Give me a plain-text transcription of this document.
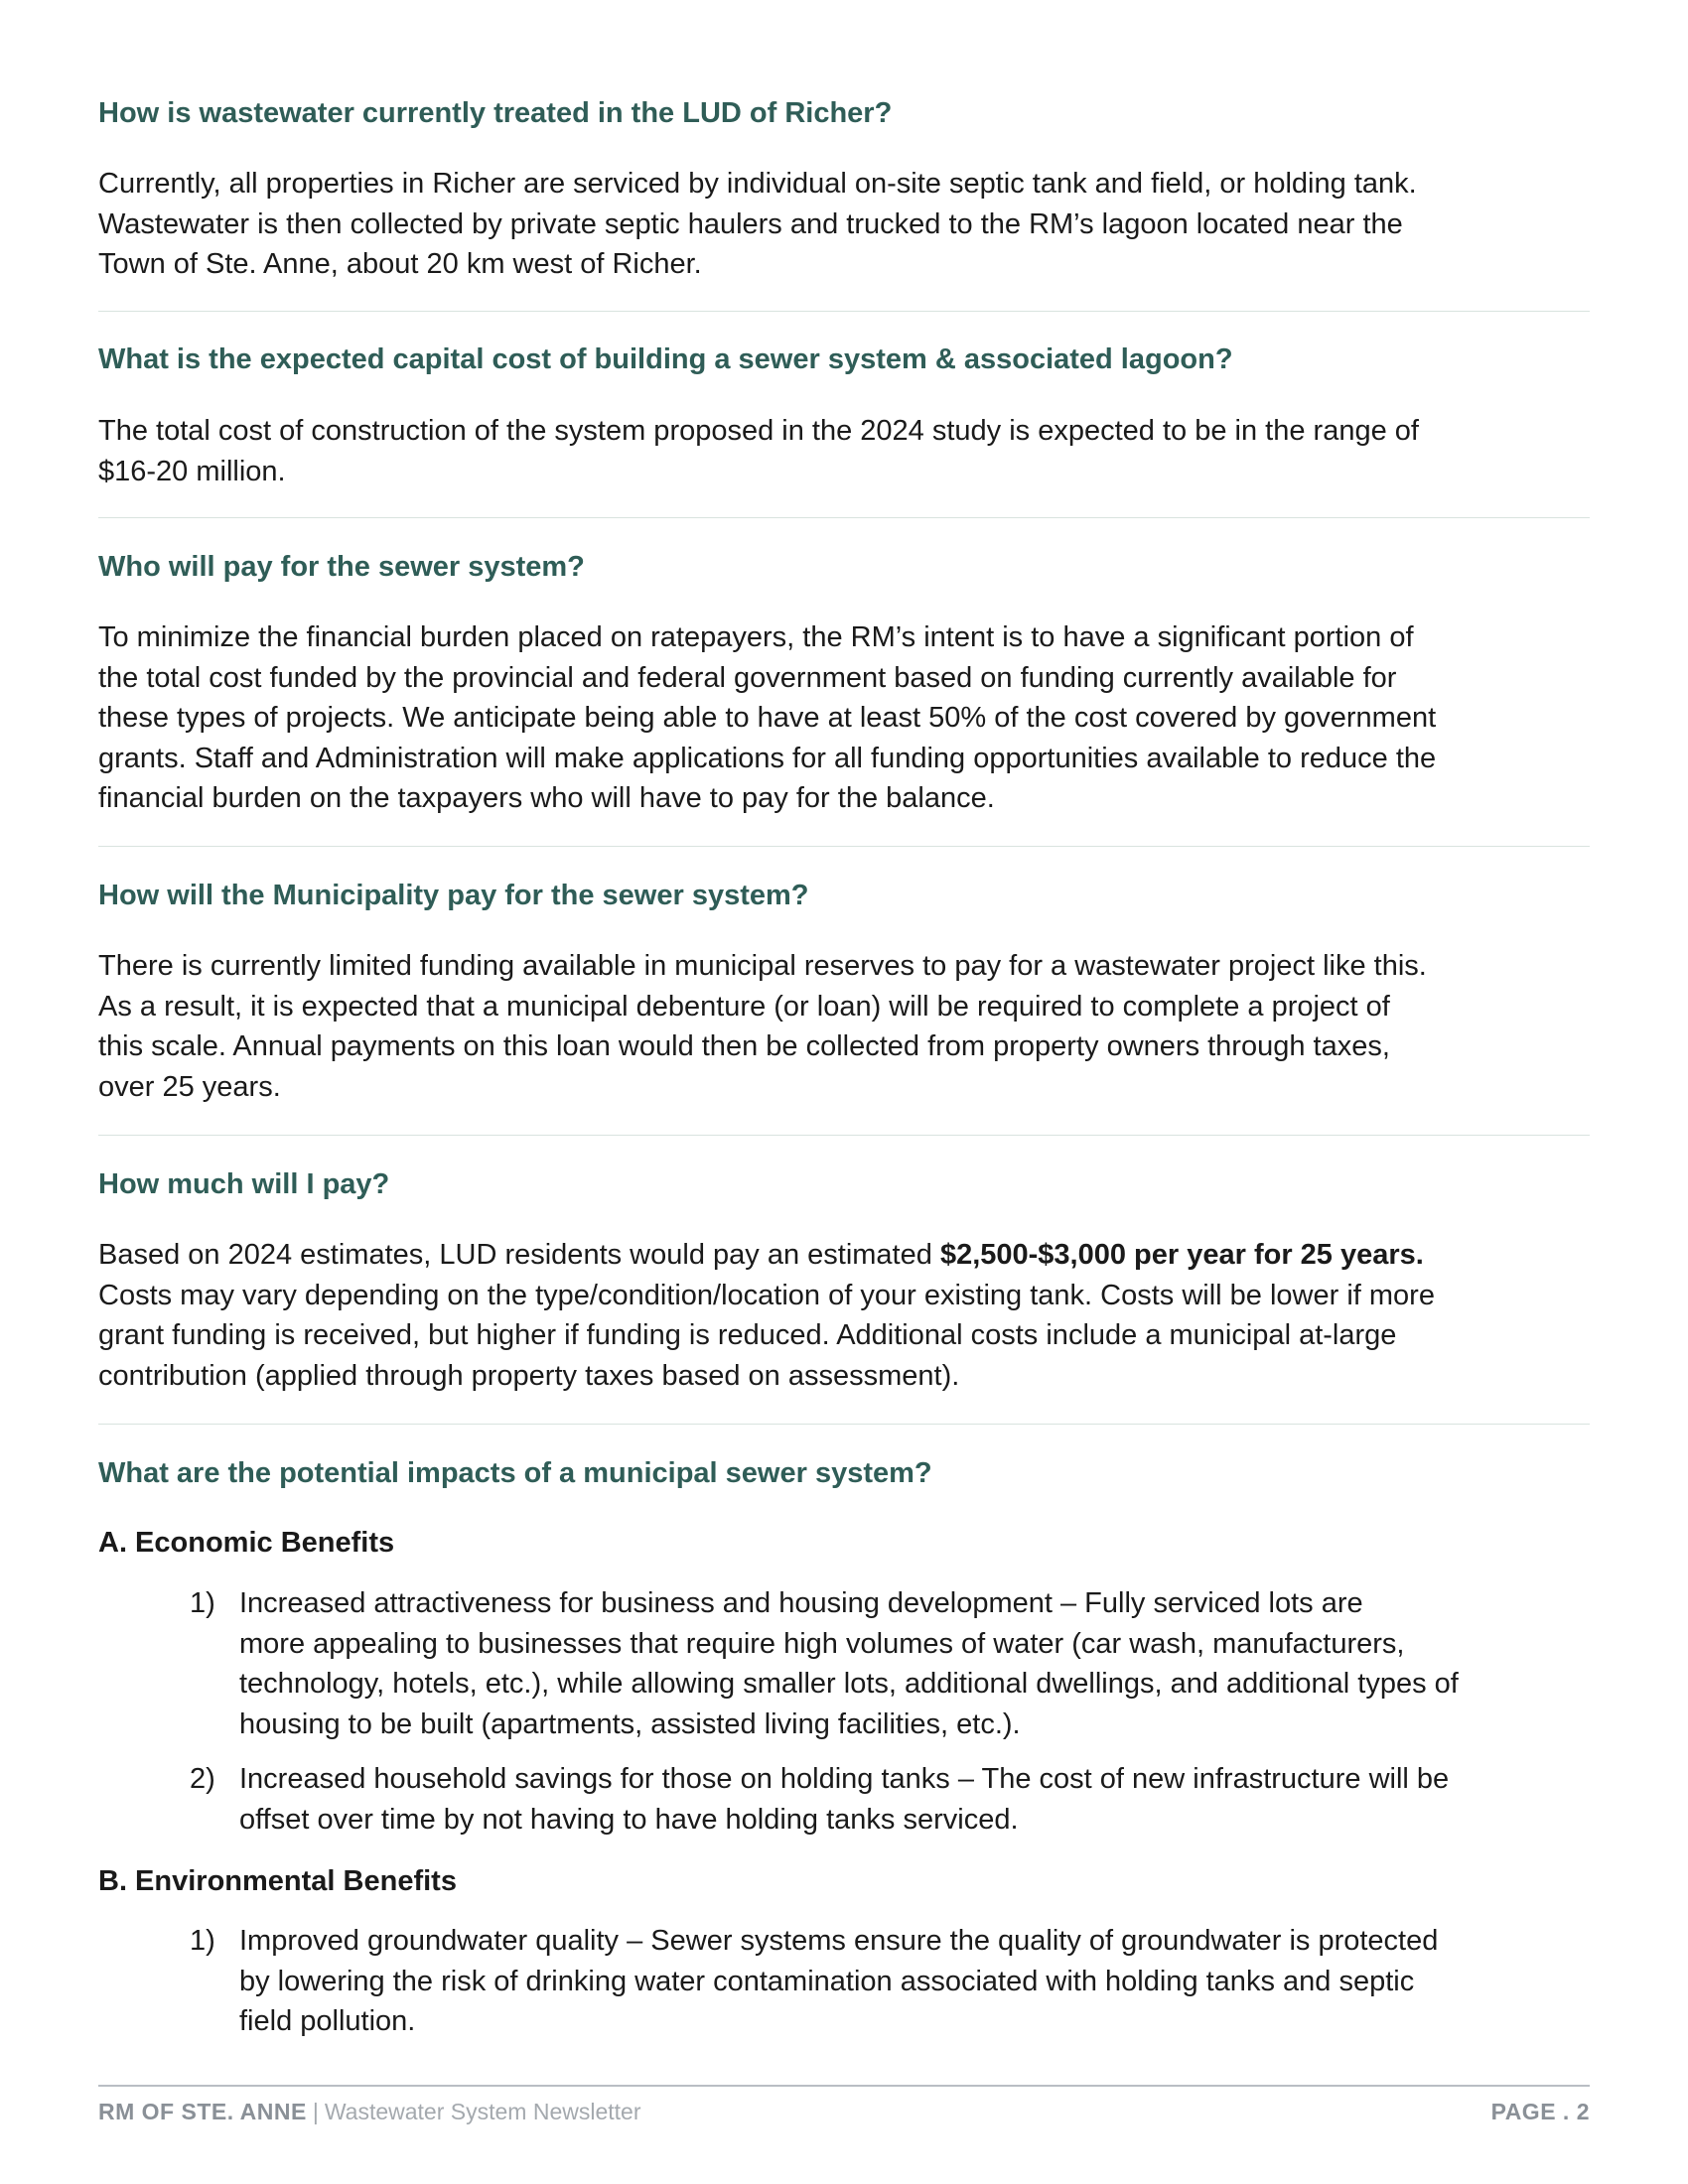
How is wastewater currently treated in the LUD of Richer?

Currently, all properties in Richer are serviced by individual on-site septic tank and field, or holding tank.

Wastewater is then collected by private septic haulers and trucked to the RM’s lagoon located near the

Town of Ste. Anne, about 20 km west of Richer.

What is the expected capital cost of building a sewer system & associated lagoon?

The total cost of construction of the system proposed in the 2024 study is expected to be in the range of

$16-20 million.

Who will pay for the sewer system?

To minimize the financial burden placed on ratepayers, the RM’s intent is to have a significant portion of

the total cost funded by the provincial and federal government based on funding currently available for

these types of projects. We anticipate being able to have at least 50% of the cost covered by government

grants. Staff and Administration will make applications for all funding opportunities available to reduce the

financial burden on the taxpayers who will have to pay for the balance.

How will the Municipality pay for the sewer system?

There is currently limited funding available in municipal reserves to pay for a wastewater project like this.

As a result, it is expected that a municipal debenture (or loan) will be required to complete a project of

this scale. Annual payments on this loan would then be collected from property owners through taxes,

over 25 years.

How much will I pay?

Based on 2024 estimates, LUD residents would pay an estimated $2,500-$3,000 per year for 25 years.

Costs may vary depending on the type/condition/location of your existing tank. Costs will be lower if more

grant funding is received, but higher if funding is reduced. Additional costs include a municipal at-large

contribution (applied through property taxes based on assessment).

What are the potential impacts of a municipal sewer system?

A. Economic Benefits

1) Increased attractiveness for business and housing development – Fully serviced lots are
more appealing to businesses that require high volumes of water (car wash, manufacturers,
technology, hotels, etc.), while allowing smaller lots, additional dwellings, and additional types of
housing to be built (apartments, assisted living facilities, etc.).
2) Increased household savings for those on holding tanks – The cost of new infrastructure will be
offset over time by not having to have holding tanks serviced.

B. Environmental Benefits

1) Improved groundwater quality – Sewer systems ensure the quality of groundwater is protected
by lowering the risk of drinking water contamination associated with holding tanks and septic
field pollution.
RM OF STE. ANNE | Wastewater System Newsletter	PAGE . 2
